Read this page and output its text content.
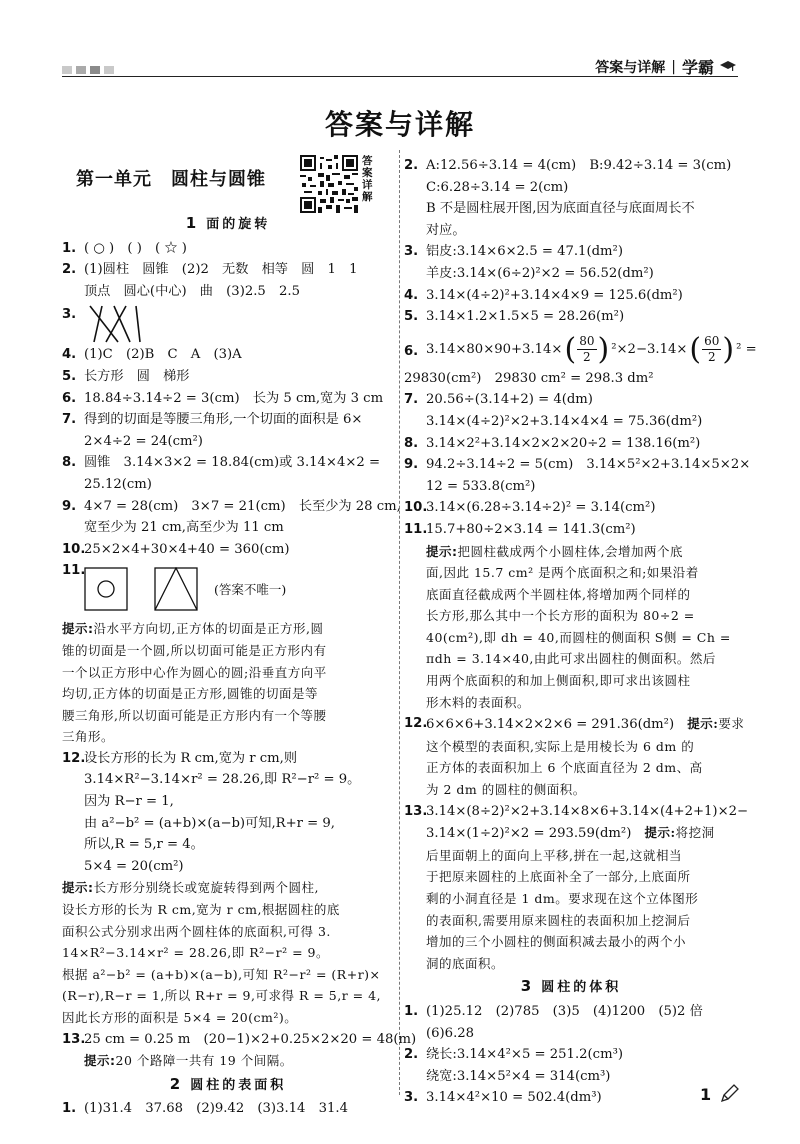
答案与详解 | 学霸
答案与详解
第一单元　圆柱与圆锥
答案详解
1 面的旋转
1. ( ○ )　( )　( ☆ )
2. (1)圆柱　圆锥　(2)2　无数　相等　圆　1　1
顶点　圆心(中心)　曲　(3)2.5　2.5
3.
4. (1)C　(2)B　C　A　(3)A
5. 长方形　圆　梯形
6. 18.84÷3.14÷2 = 3(cm)　长为 5 cm,宽为 3 cm
7. 得到的切面是等腰三角形,一个切面的面积是 6×
2×4÷2 = 24(cm²)
8. 圆锥　3.14×3×2 = 18.84(cm)或 3.14×4×2 =
25.12(cm)
9. 4×7 = 28(cm)　3×7 = 21(cm)　长至少为 28 cm,
宽至少为 21 cm,高至少为 11 cm
10.
25×2×4+30×4+40 = 360(cm)
11.
(答案不唯一)
提示:沿水平方向切,正方体的切面是正方形,圆
锥的切面是一个圆,所以切面可能是正方形内有
一个以正方形中心作为圆心的圆;沿垂直方向平
均切,正方体的切面是正方形,圆锥的切面是等
腰三角形,所以切面可能是正方形内有一个等腰
三角形。
12.
设长方形的长为 R cm,宽为 r cm,则
3.14×R²−3.14×r² = 28.26,即 R²−r² = 9。
因为 R−r = 1,
由 a²−b² = (a+b)×(a−b)可知,R+r = 9,
所以,R = 5,r = 4。
5×4 = 20(cm²)
提示:长方形分别绕长或宽旋转得到两个圆柱,
设长方形的长为 R cm,宽为 r cm,根据圆柱的底
面积公式分别求出两个圆柱体的底面积,可得 3.
14×R²−3.14×r² = 28.26,即 R²−r² = 9。
根据 a²−b² = (a+b)×(a−b),可知 R²−r² = (R+r)×
(R−r),R−r = 1,所以 R+r = 9,可求得 R = 5,r = 4,
因此长方形的面积是 5×4 = 20(cm²)。
13.
25 cm = 0.25 m　(20−1)×2+0.25×2×20 = 48(m)
提示:20 个路障一共有 19 个间隔。
2 圆柱的表面积
1. (1)31.4　37.68　(2)9.42　(3)3.14　31.4
2. A:12.56÷3.14 = 4(cm)　B:9.42÷3.14 = 3(cm)
C:6.28÷3.14 = 2(cm)
B 不是圆柱展开图,因为底面直径与底面周长不
对应。
3. 铝皮:3.14×6×2.5 = 47.1(dm²)
羊皮:3.14×(6÷2)²×2 = 56.52(dm²)
4. 3.14×(4÷2)²+3.14×4×9 = 125.6(dm²)
5. 3.14×1.2×1.5×5 = 28.26(m²)
6. 3.14×80×90+3.14× ( $\frac{80}{2}$ ) ²×2−3.14× ( $\frac{60}{2}$ ) ² =
29830(cm²)　29830 cm² = 298.3 dm²
7. 20.56÷(3.14+2) = 4(dm)
3.14×(4÷2)²×2+3.14×4×4 = 75.36(dm²)
8. 3.14×2²+3.14×2×2×20÷2 = 138.16(m²)
9. 94.2÷3.14÷2 = 5(cm)　3.14×5²×2+3.14×5×2×
12 = 533.8(cm²)
10.
3.14×(6.28÷3.14÷2)² = 3.14(cm²)
11.
15.7+80÷2×3.14 = 141.3(cm²)
提示:把圆柱截成两个小圆柱体,会增加两个底
面,因此 15.7 cm² 是两个底面积之和;如果沿着
底面直径截成两个半圆柱体,将增加两个同样的
长方形,那么其中一个长方形的面积为 80÷2 =
40(cm²),即 dh = 40,而圆柱的侧面积 S侧 = Ch =
πdh = 3.14×40,由此可求出圆柱的侧面积。然后
用两个底面积的和加上侧面积,即可求出该圆柱
形木料的表面积。
12.
6×6×6+3.14×2×2×6 = 291.36(dm²)　 提示:要求
这个模型的表面积,实际上是用棱长为 6 dm 的
正方体的表面积加上 6 个底面直径为 2 dm、高
为 2 dm 的圆柱的侧面积。
13.
3.14×(8÷2)²×2+3.14×8×6+3.14×(4+2+1)×2−
3.14×(1÷2)²×2 = 293.59(dm²)　 提示:将挖洞
后里面朝上的面向上平移,拼在一起,这就相当
于把原来圆柱的上底面补全了一部分,上底面所
剩的小洞直径是 1 dm。要求现在这个立体图形
的表面积,需要用原来圆柱的表面积加上挖洞后
增加的三个小圆柱的侧面积减去最小的两个小
洞的底面积。
3 圆柱的体积
1. (1)25.12　(2)785　(3)5　(4)1200　(5)2 倍
(6)6.28
2. 绕长:3.14×4²×5 = 251.2(cm³)
绕宽:3.14×5²×4 = 314(cm³)
3. 3.14×4²×10 = 502.4(dm³)	1
